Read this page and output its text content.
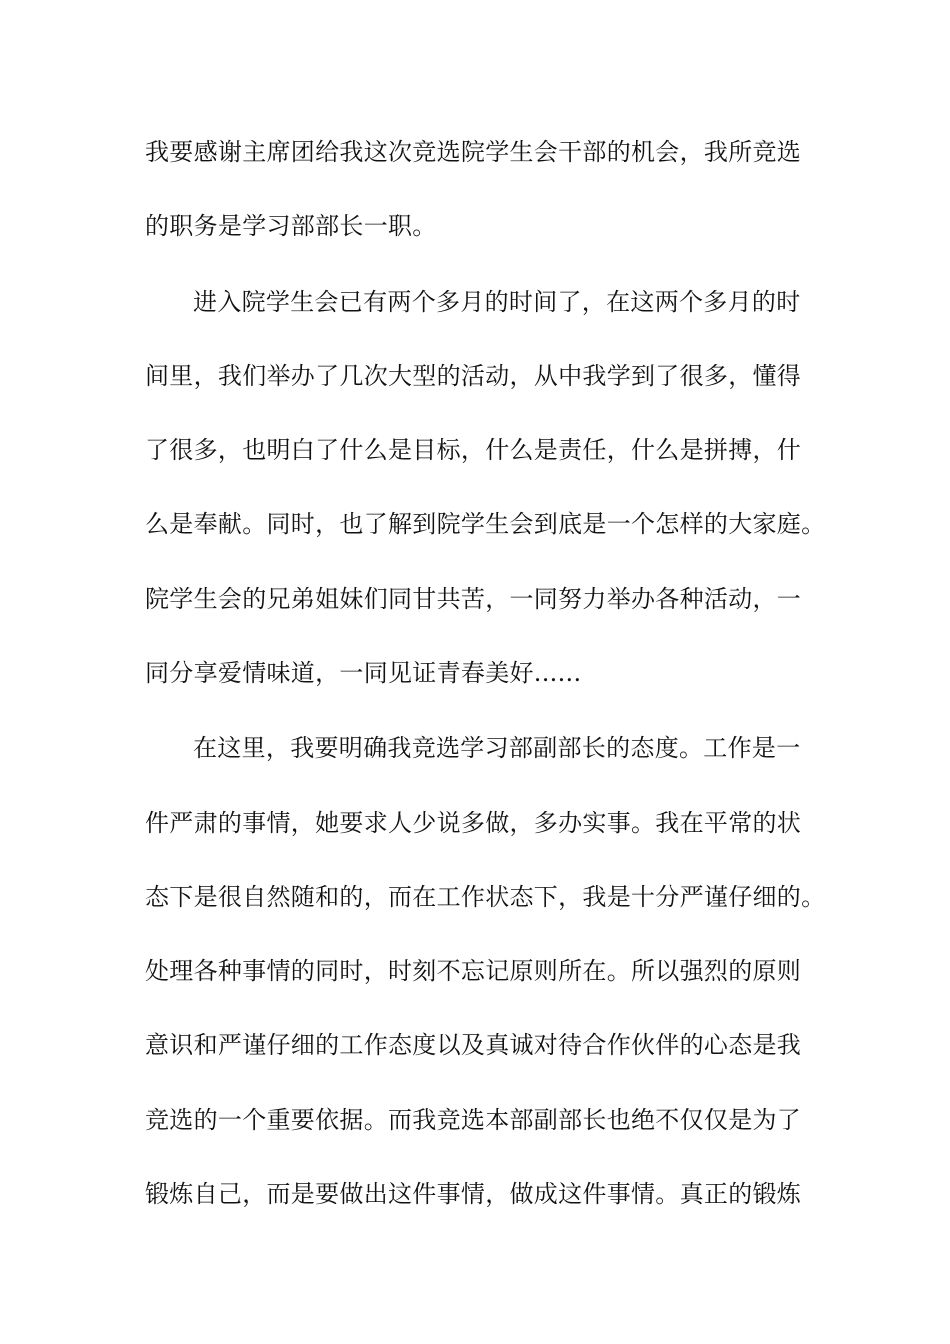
我要感谢主席团给我这次竞选院学生会干部的机会，我所竞选
的职务是学习部部长一职。
进入院学生会已有两个多月的时间了，在这两个多月的时
间里，我们举办了几次大型的活动，从中我学到了很多，懂得
了很多，也明白了什么是目标，什么是责任，什么是拼搏，什
么是奉献。同时，也了解到院学生会到底是一个怎样的大家庭。
院学生会的兄弟姐妹们同甘共苦，一同努力举办各种活动，一
同分享爱情味道，一同见证青春美好......
在这里，我要明确我竞选学习部副部长的态度。工作是一
件严肃的事情，她要求人少说多做，多办实事。我在平常的状
态下是很自然随和的，而在工作状态下，我是十分严谨仔细的。
处理各种事情的同时，时刻不忘记原则所在。所以强烈的原则
意识和严谨仔细的工作态度以及真诚对待合作伙伴的心态是我
竞选的一个重要依据。而我竞选本部副部长也绝不仅仅是为了
锻炼自己，而是要做出这件事情，做成这件事情。真正的锻炼
